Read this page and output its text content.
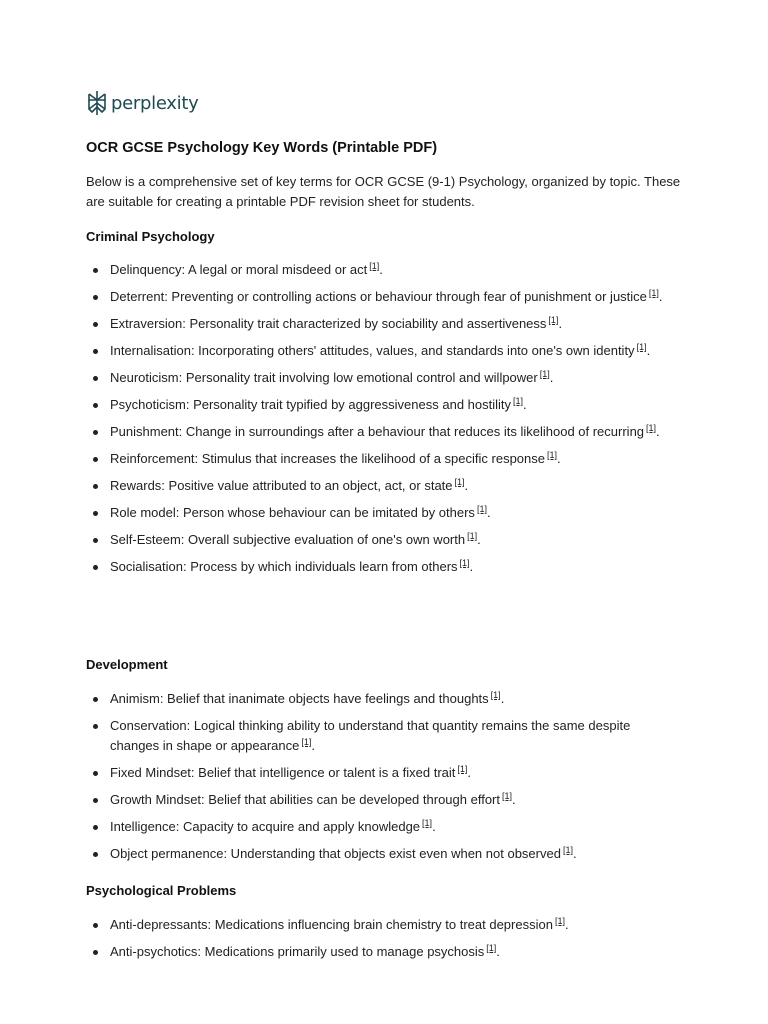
perplexity
OCR GCSE Psychology Key Words (Printable PDF)

Below is a comprehensive set of key terms for OCR GCSE (9-1) Psychology, organized by topic. These are suitable for creating a printable PDF revision sheet for students.

Criminal Psychology
Delinquency: A legal or moral misdeed or act [1].
Deterrent: Preventing or controlling actions or behaviour through fear of punishment or justice [1].
Extraversion: Personality trait characterized by sociability and assertiveness [1].
Internalisation: Incorporating others' attitudes, values, and standards into one's own identity [1].
Neuroticism: Personality trait involving low emotional control and willpower [1].
Psychoticism: Personality trait typified by aggressiveness and hostility [1].
Punishment: Change in surroundings after a behaviour that reduces its likelihood of recurring [1].
Reinforcement: Stimulus that increases the likelihood of a specific response [1].
Rewards: Positive value attributed to an object, act, or state [1].
Role model: Person whose behaviour can be imitated by others [1].
Self-Esteem: Overall subjective evaluation of one's own worth [1].
Socialisation: Process by which individuals learn from others [1].
Development
Animism: Belief that inanimate objects have feelings and thoughts [1].
Conservation: Logical thinking ability to understand that quantity remains the same despite changes in shape or appearance [1].
Fixed Mindset: Belief that intelligence or talent is a fixed trait [1].
Growth Mindset: Belief that abilities can be developed through effort [1].
Intelligence: Capacity to acquire and apply knowledge [1].
Object permanence: Understanding that objects exist even when not observed [1].
Psychological Problems
Anti-depressants: Medications influencing brain chemistry to treat depression [1].
Anti-psychotics: Medications primarily used to manage psychosis [1].
